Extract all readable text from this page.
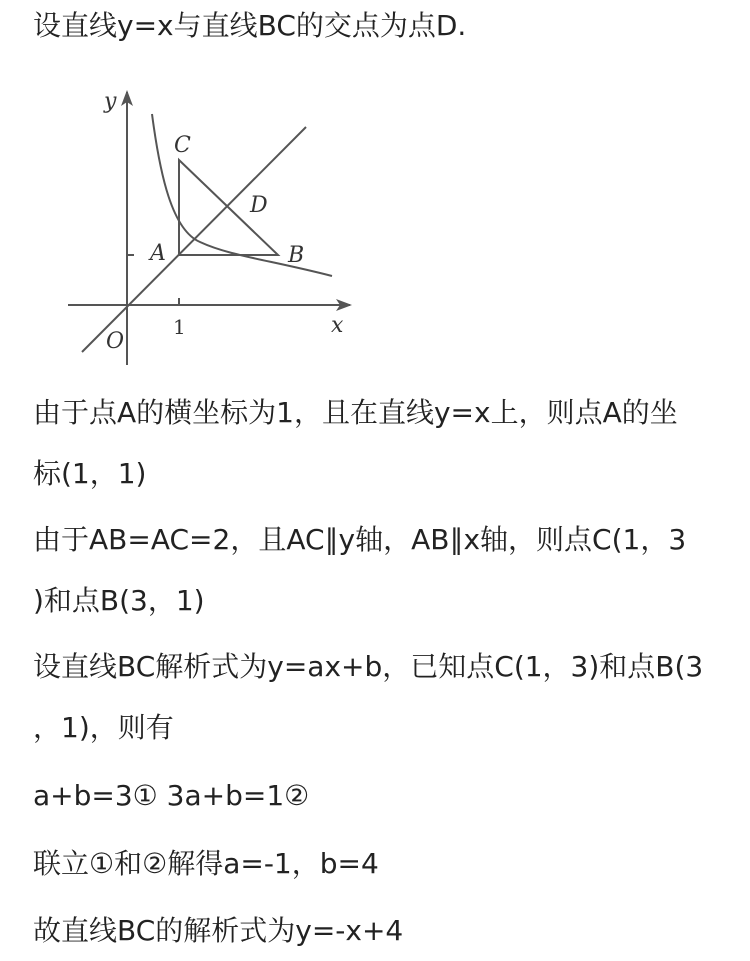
设直线y=x与直线BC的交点为点D.
y
x
O
C
D
A	B
1
由于点A的横坐标为1，且在直线y=x上，则点A的坐
标(1，1)
由于AB=AC=2，且AC∥y轴，AB∥x轴，则点C(1，3
)和点B(3，1)
设直线BC解析式为y=ax+b，已知点C(1，3)和点B(3
，1)，则有
a+b=3① 3a+b=1②
联立①和②解得a=-1，b=4
故直线BC的解析式为y=-x+4
